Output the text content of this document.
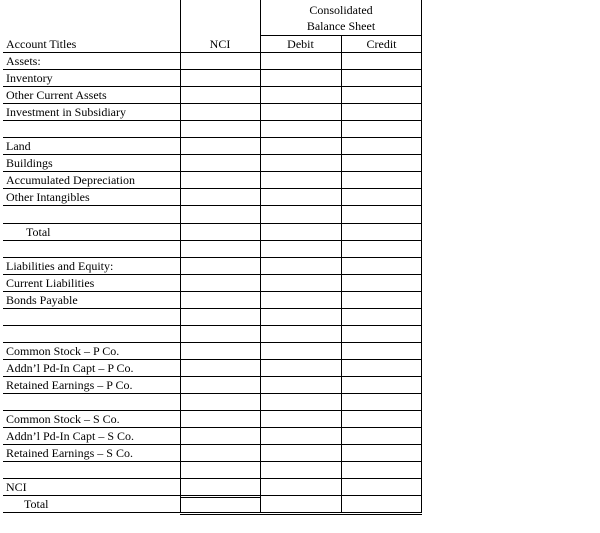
Consolidated
Balance Sheet
Account Titles	NCI	Debit	Credit
Assets:
Inventory
Other Current Assets
Investment in Subsidiary
Land
Buildings
Accumulated Depreciation
Other Intangibles
Total
Liabilities and Equity:
Current Liabilities
Bonds Payable
Common Stock – P Co.
Addn’l Pd-In Capt – P Co.
Retained Earnings – P Co.
Common Stock – S Co.
Addn’l Pd-In Capt – S Co.
Retained Earnings – S Co.
NCI
Total
